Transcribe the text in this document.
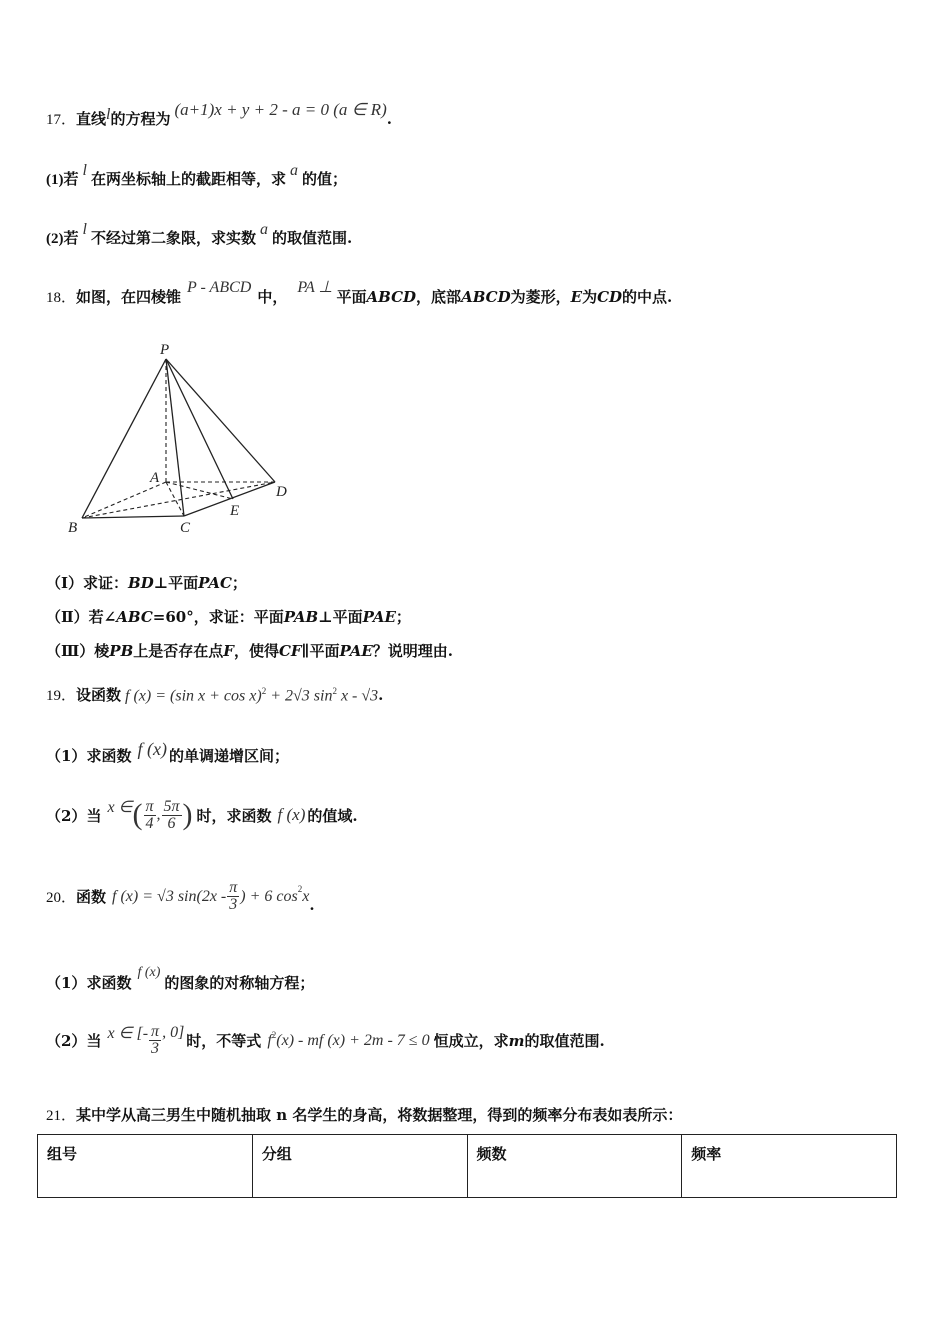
17． 直线 l 的方程为 (a+1)x + y + 2 - a = 0 (a ∈ R) .
(1) 若 l 在两坐标轴上的截距相等，求 a 的值；
(2) 若 l 不经过第二象限，求实数 a 的取值范围.
18． 如图，在四棱锥
P - ABCD
中，
PA ⊥
平面 ABCD ，底部 ABCD 为菱形， E 为 CD 的中点.
P
A
B	C
D
E
（Ⅰ） 求证： BD ⊥平面 PAC ；
（Ⅱ） 若∠ ABC =60°，求证：平面 PAB ⊥平面 PAE ；
（Ⅲ） 棱 PB 上是否存在点 F ，使得 CF ∥平面 PAE ？说明理由.
19． 设函数 f (x) = (sin x + cos x)$^2$ + 2√3 $\sin^2 x - √3$ .
（1） 求函数 f (x) 的单调递增区间；
（2） 当 x ∈ ( $\frac{\pi}{4}$ , $\frac{5\pi}{6}$ ) 时，求函数 f (x) 的值域.
20． 函数 f (x) = √3 $\sin(2x - \frac{\pi}{3}$ ) + 6 cos 2 x .
（1） 求函数
f (x)
的图象的对称轴方程；
（2） 当 x ∈ [- $\frac{\pi}{3}$ , 0] 时，不等式 f 2 (x) - mf (x) + 2m - 7 ≤ 0 恒成立，求 m 的取值范围.
21． 某中学从高三男生中随机抽取 n 名学生的身高，将数据整理，得到的频率分布表如表所示：
组号	分组	频数	频率
